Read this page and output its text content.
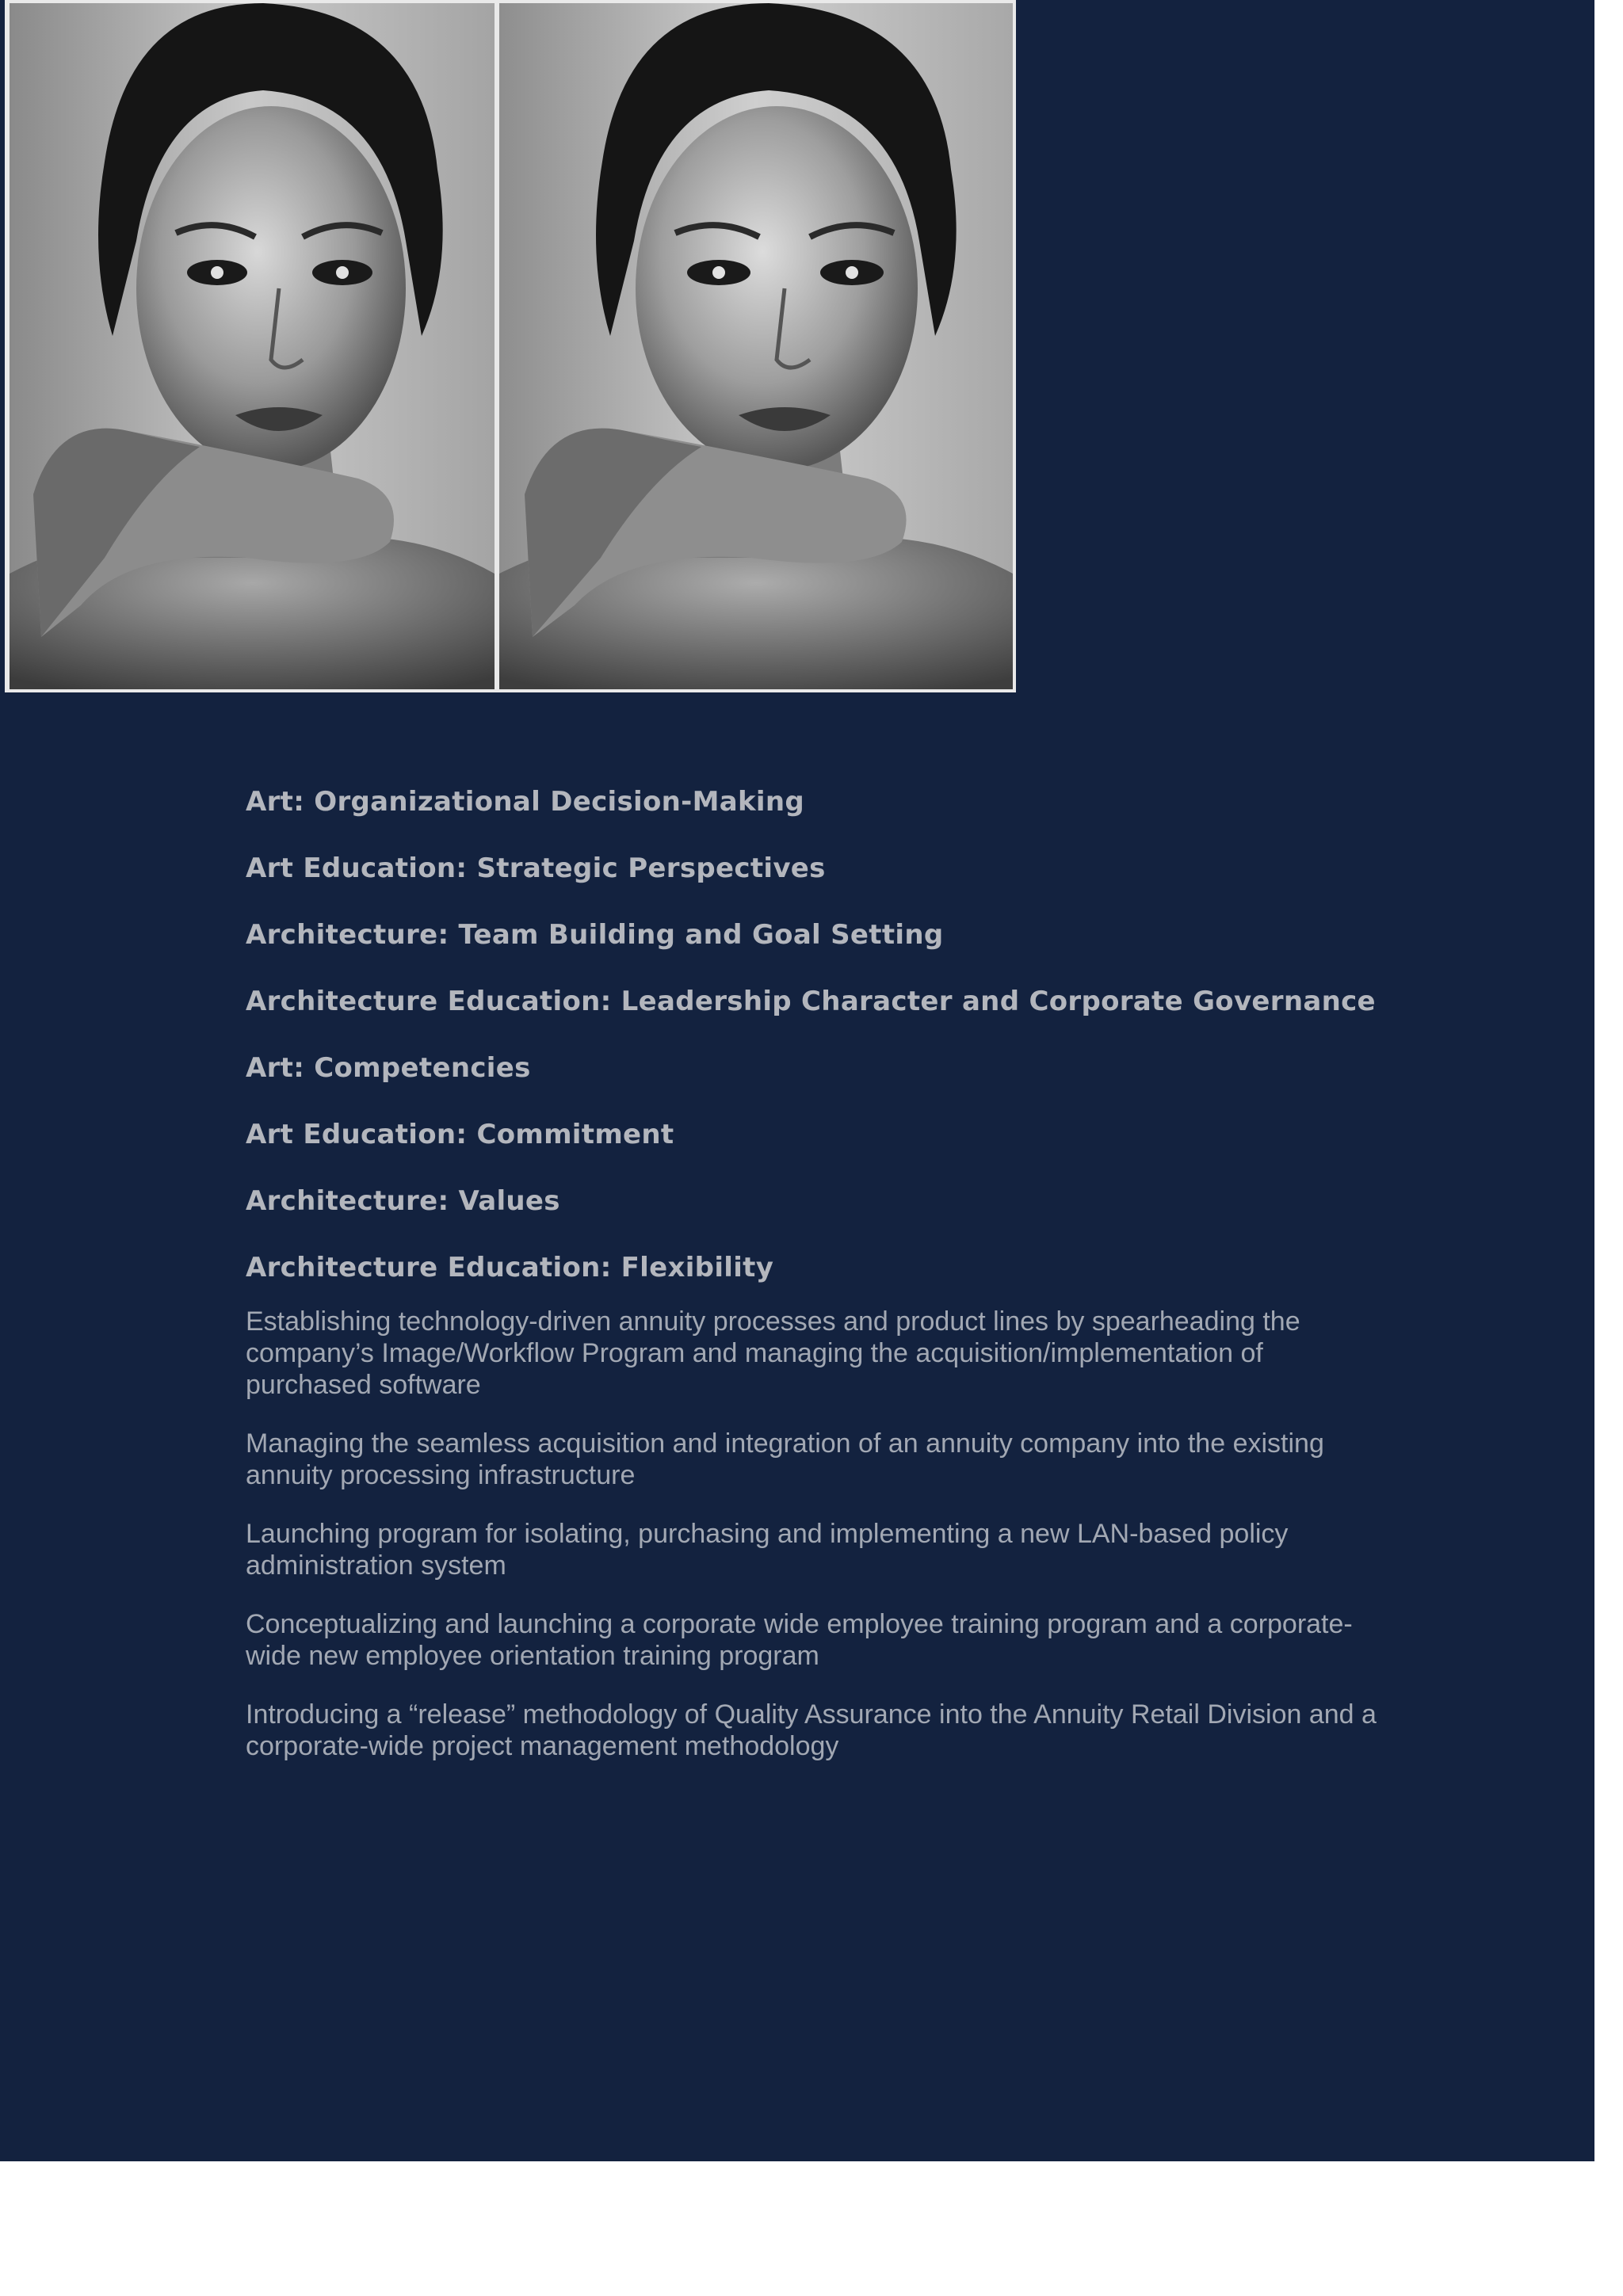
Art: Organizational Decision-Making
Art Education: Strategic Perspectives
Architecture: Team Building and Goal Setting
Architecture Education: Leadership Character and Corporate Governance
Art: Competencies
Art Education: Commitment
Architecture: Values
Architecture Education: Flexibility

Establishing technology-driven annuity processes and product lines by spearheading the company’s Image/Workflow Program and managing the acquisition/implementation of purchased software

Managing the seamless acquisition and integration of an annuity company into the existing annuity processing infrastructure

Launching program for isolating, purchasing and implementing a new LAN-based policy administration system

Conceptualizing and launching a corporate wide employee training program and a corporate-wide new employee orientation training program

Introducing a “release” methodology of Quality Assurance into the Annuity Retail Division and a corporate-wide project management methodology
